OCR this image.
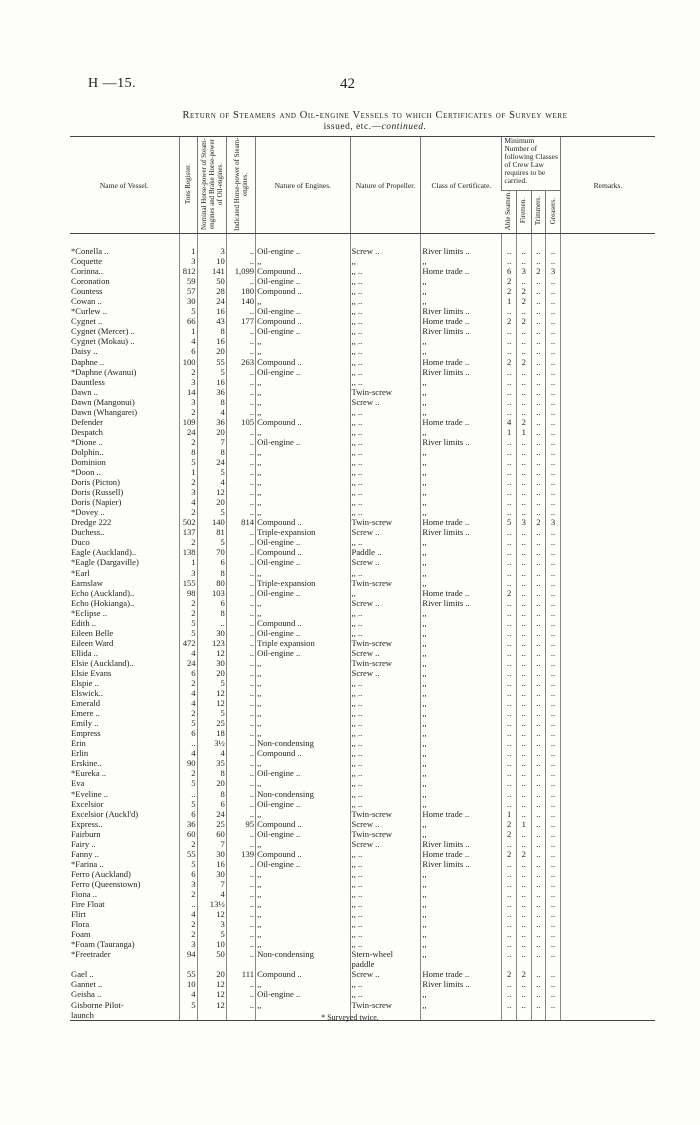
H —15.	42
Return of Steamers and Oil-engine Vessels to which Certificates of Survey were
issued, etc.—continued.
Name of Vessel.	Tons Register.	Nominal Horse-power of Steam-engines and Brake Horse-power of Oil-engines.	Indicated Horse-power of Steam-engines.	Nature of Engines.	Nature of Propeller.	Class of Certificate.	Minimum Number of following Classes of Crew Law requires to be carried.				Remarks.
							Able Seamen.	Firemen.	Trimmers.	Greasers.	
*Conella ..	1	3	..	Oil-engine ..	Screw ..	River limits ..	..	..	..	..	
Coquette	3	10	..	,,	,,	,,	..	..	..	..	
Corinna..	812	141	1,099	Compound ..	,, ..	Home trade ..	6	3	2	3	
Coronation	59	50	..	Oil-engine ..	,, ..	,,	2	..	..	..	
Countess	57	28	180	Compound ..	,, ..	,,	2	2	..	..	
Cowan ..	30	24	140	,,	,, ..	,,	1	2	..	..	
*Curlew ..	5	16	..	Oil-engine ..	,, ..	River limits ..	..	..	..	..	
Cygnet ..	66	43	177	Compound ..	,, ..	Home trade ..	2	2	..	..	
Cygnet (Mercer) ..	1	8	..	Oil-engine ..	,, ..	River limits ..	..	..	..	..	
Cygnet (Mokau) ..	4	16	..	,,	,, ..	,,	..	..	..	..	
Daisy ..	6	20	..	,,	,, ..	,,	..	..	..	..	
Daphne ..	100	55	263	Compound ..	,, ..	Home trade ..	2	2	..	..	
*Daphne (Awanui)	2	5	..	Oil-engine ..	,, ..	River limits ..	..	..	..	..	
Dauntless	3	16	..	,,	,, ..	,,	..	..	..	..	
Dawn ..	14	36	..	,,	Twin-screw	,,	..	..	..	..	
Dawn (Mangonui)	3	8	..	,,	Screw ..	,,	..	..	..	..	
Dawn (Whangarei)	2	4	..	,,	,, ..	,,	..	..	..	..	
Defender	109	36	105	Compound ..	,, ..	Home trade ..	4	2	..	..	
Despatch	24	20	..	,,	,, ..	,,	1	1	..	..	
*Dione ..	2	7	..	Oil-engine ..	,, ..	River limits ..	..	..	..	..	
Dolphin..	8	8	..	,,	,, ..	,,	..	..	..	..	
Dominion	5	24	..	,,	,, ..	,,	..	..	..	..	
*Doon ..	1	5	..	,,	,, ..	,,	..	..	..	..	
Doris (Picton)	2	4	..	,,	,, ..	,,	..	..	..	..	
Doris (Russell)	3	12	..	,,	,, ..	,,	..	..	..	..	
Doris (Napier)	4	20	..	,,	,, ..	,,	..	..	..	..	
*Dovey ..	2	5	..	,,	,, ..	,,	..	..	..	..	
Dredge 222	502	140	814	Compound ..	Twin-screw	Home trade ..	5	3	2	3	
Duchess..	137	81	..	Triple-expansion	Screw ..	River limits ..	..	..	..	..	
Duco	2	5	..	Oil-engine ..	,, ..	,,	..	..	..	..	
Eagle (Auckland)..	138	70	..	Compound ..	Paddle ..	,,	..	..	..	..	
*Eagle (Dargaville)	1	6	..	Oil-engine ..	Screw ..	,,	..	..	..	..	
*Earl	3	8	..	,,	,, ..	,,	..	..	..	..	
Earnslaw	155	80	..	Triple-expansion	Twin-screw	,,	..	..	..	..	
Echo (Auckland)..	98	103	..	Oil-engine ..	,,	Home trade ..	2	..	..	..	
Echo (Hokianga)..	2	6	..	,,	Screw ..	River limits ..	..	..	..	..	
*Eclipse ..	2	8	..	,,	,, ..	,,	..	..	..	..	
Edith ..	5	..	..	Compound ..	,, ..	,,	..	..	..	..	
Eileen Belle	5	30	..	Oil-engine ..	,, ..	,,	..	..	..	..	
Eileen Ward	472	123	..	Triple expansion	Twin-screw	,,	..	..	..	..	
Ellida ..	4	12	..	Oil-engine ..	Screw ..	,,	..	..	..	..	
Elsie (Auckland)..	24	30	..	,,	Twin-screw	,,	..	..	..	..	
Elsie Evans	6	20	..	,,	Screw ..	,,	..	..	..	..	
Elspie ..	2	5	..	,,	,, ..	,,	..	..	..	..	
Elswick..	4	12	..	,,	,, ..	,,	..	..	..	..	
Emerald	4	12	..	,,	,, ..	,,	..	..	..	..	
Emere ..	2	5	..	,,	,, ..	,,	..	..	..	..	
Emily ..	5	25	..	,,	,, ..	,,	..	..	..	..	
Empress	6	18	..	,,	,, ..	,,	..	..	..	..	
Erin	..	3½	..	Non-condensing	,, ..	,,	..	..	..	..	
Erlin	4	4	..	Compound ..	,, ..	,,	..	..	..	..	
Erskine..	90	35	..	,,	,, ..	,,	..	..	..	..	
*Eureka ..	2	8	..	Oil-engine ..	,, ..	,,	..	..	..	..	
Eva	5	20	..	,,	,, ..	,,	..	..	..	..	
*Eveline ..	..	8	..	Non-condensing	,, ..	,,	..	..	..	..	
Excelsior	5	6	..	Oil-engine ..	,, ..	,,	..	..	..	..	
Excelsior (Auckl'd)	6	24	..	,,	Twin-screw	Home trade ..	1	..	..	..	
Express..	36	25	95	Compound ..	Screw ..	,,	2	1	..	..	
Fairburn	60	60	..	Oil-engine ..	Twin-screw	,,	2	..	..	..	
Fairy ..	2	7	..	,,	Screw ..	River limits ..	..	..	..	..	
Fanny ..	55	30	139	Compound ..	,, ..	Home trade ..	2	2	..	..	
*Farina ..	5	16	..	Oil-engine ..	,, ..	River limits ..	..	..	..	..	
Ferro (Auckland)	6	30	..	,,	,, ..	,,	..	..	..	..	
Ferro (Queenstown)	3	7	..	,,	,, ..	,,	..	..	..	..	
Fiona ..	2	4	..	,,	,, ..	,,	..	..	..	..	
Fire Float	..	13½	..	,,	,, ..	,,	..	..	..	..	
Flirt	4	12	..	,,	,, ..	,,	..	..	..	..	
Flora	2	3	..	,,	,, ..	,,	..	..	..	..	
Foam	2	5	..	,,	,, ..	,,	..	..	..	..	
*Foam (Tauranga)	3	10	..	,,	,, ..	,,	..	..	..	..	
*Freetrader	94	50	..	Non-condensing	Stern-wheel	,,	..	..	..	..	
					paddle						
Gael ..	55	20	111	Compound ..	Screw ..	Home trade ..	2	2	..	..	
Gannet ..	10	12	..	,,	,, ..	River limits ..	..	..	..	..	
Geisha ..	4	12	..	Oil-engine ..	,, ..	,,	..	..	..	..	
Gisborne Pilot-	5	12	..	,,	Twin-screw	,,	..	..	..	..	
launch												* Surveyed twice.
